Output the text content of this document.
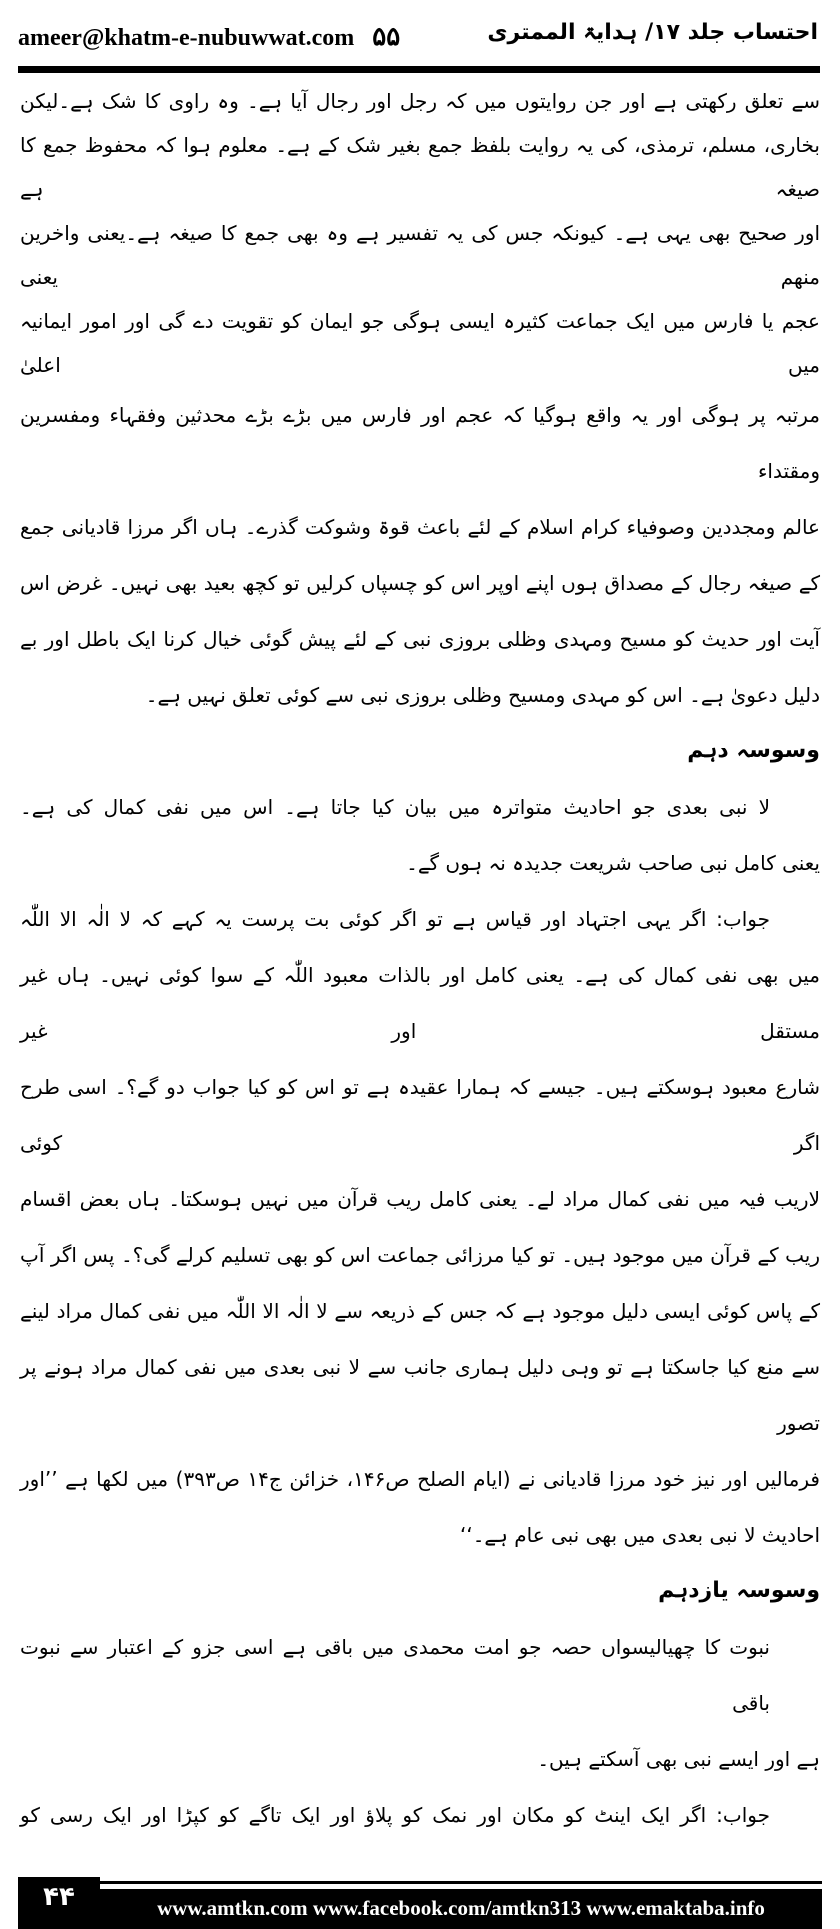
ameer@khatm-e-nubuwwat.com ۵۵	احتساب جلد ۱۷/ ہدایۃ الممتری
سے تعلق رکھتی ہے اور جن روایتوں میں کہ رجل اور رجال آیا ہے۔ وہ راوی کا شک ہے۔لیکن
بخاری، مسلم، ترمذی، کی یہ روایت بلفظ جمع بغیر شک کے ہے۔ معلوم ہوا کہ محفوظ جمع کا صیغہ ہے
اور صحیح بھی یہی ہے۔ کیونکہ جس کی یہ تفسیر ہے وہ بھی جمع کا صیغہ ہے۔یعنی واخرین منھم یعنی
عجم یا فارس میں ایک جماعت کثیرہ ایسی ہوگی جو ایمان کو تقویت دے گی اور امور ایمانیہ میں اعلیٰ
مرتبہ پر ہوگی اور یہ واقع ہوگیا کہ عجم اور فارس میں بڑے بڑے محدثین وفقہاء ومفسرین ومقتداء
عالم ومجددین وصوفیاء کرام اسلام کے لئے باعث قوۃ وشوکت گذرے۔ ہاں اگر مرزا قادیانی جمع
کے صیغہ رجال کے مصداق ہوں اپنے اوپر اس کو چسپاں کرلیں تو کچھ بعید بھی نہیں۔ غرض اس
آیت اور حدیث کو مسیح ومہدی وظلی بروزی نبی کے لئے پیش گوئی خیال کرنا ایک باطل اور بے
دلیل دعویٰ ہے۔ اس کو مہدی ومسیح وظلی بروزی نبی سے کوئی تعلق نہیں ہے۔
وسوسہ دہم
لا نبی بعدی جو احادیث متواترہ میں بیان کیا جاتا ہے۔ اس میں نفی کمال کی ہے۔
یعنی کامل نبی صاحب شریعت جدیدہ نہ ہوں گے۔
جواب: اگر یہی اجتہاد اور قیاس ہے تو اگر کوئی بت پرست یہ کہے کہ لا الٰہ الا اللّٰہ
میں بھی نفی کمال کی ہے۔ یعنی کامل اور بالذات معبود اللّٰہ کے سوا کوئی نہیں۔ ہاں غیر مستقل اور غیر
شارع معبود ہوسکتے ہیں۔ جیسے کہ ہمارا عقیدہ ہے تو اس کو کیا جواب دو گے؟۔ اسی طرح اگر کوئی
لاریب فیہ میں نفی کمال مراد لے۔ یعنی کامل ریب قرآن میں نہیں ہوسکتا۔ ہاں بعض اقسام
ریب کے قرآن میں موجود ہیں۔ تو کیا مرزائی جماعت اس کو بھی تسلیم کرلے گی؟۔ پس اگر آپ
کے پاس کوئی ایسی دلیل موجود ہے کہ جس کے ذریعہ سے لا الٰہ الا اللّٰہ میں نفی کمال مراد لینے
سے منع کیا جاسکتا ہے تو وہی دلیل ہماری جانب سے لا نبی بعدی میں نفی کمال مراد ہونے پر تصور
فرمالیں اور نیز خود مرزا قادیانی نے (ایام الصلح ص۱۴۶، خزائن ج۱۴ ص۳۹۳) میں لکھا ہے ’’اور
احادیث لا نبی بعدی میں بھی نبی عام ہے۔‘‘
وسوسہ یازدہم
نبوت کا چھیالیسواں حصہ جو امت محمدی میں باقی ہے اسی جزو کے اعتبار سے نبوت باقی
ہے اور ایسے نبی بھی آسکتے ہیں۔
جواب: اگر ایک اینٹ کو مکان اور نمک کو پلاؤ اور ایک تاگے کو کپڑا اور ایک رسی کو
۴۴	www.amtkn.com www.facebook.com/amtkn313 www.emaktaba.info
